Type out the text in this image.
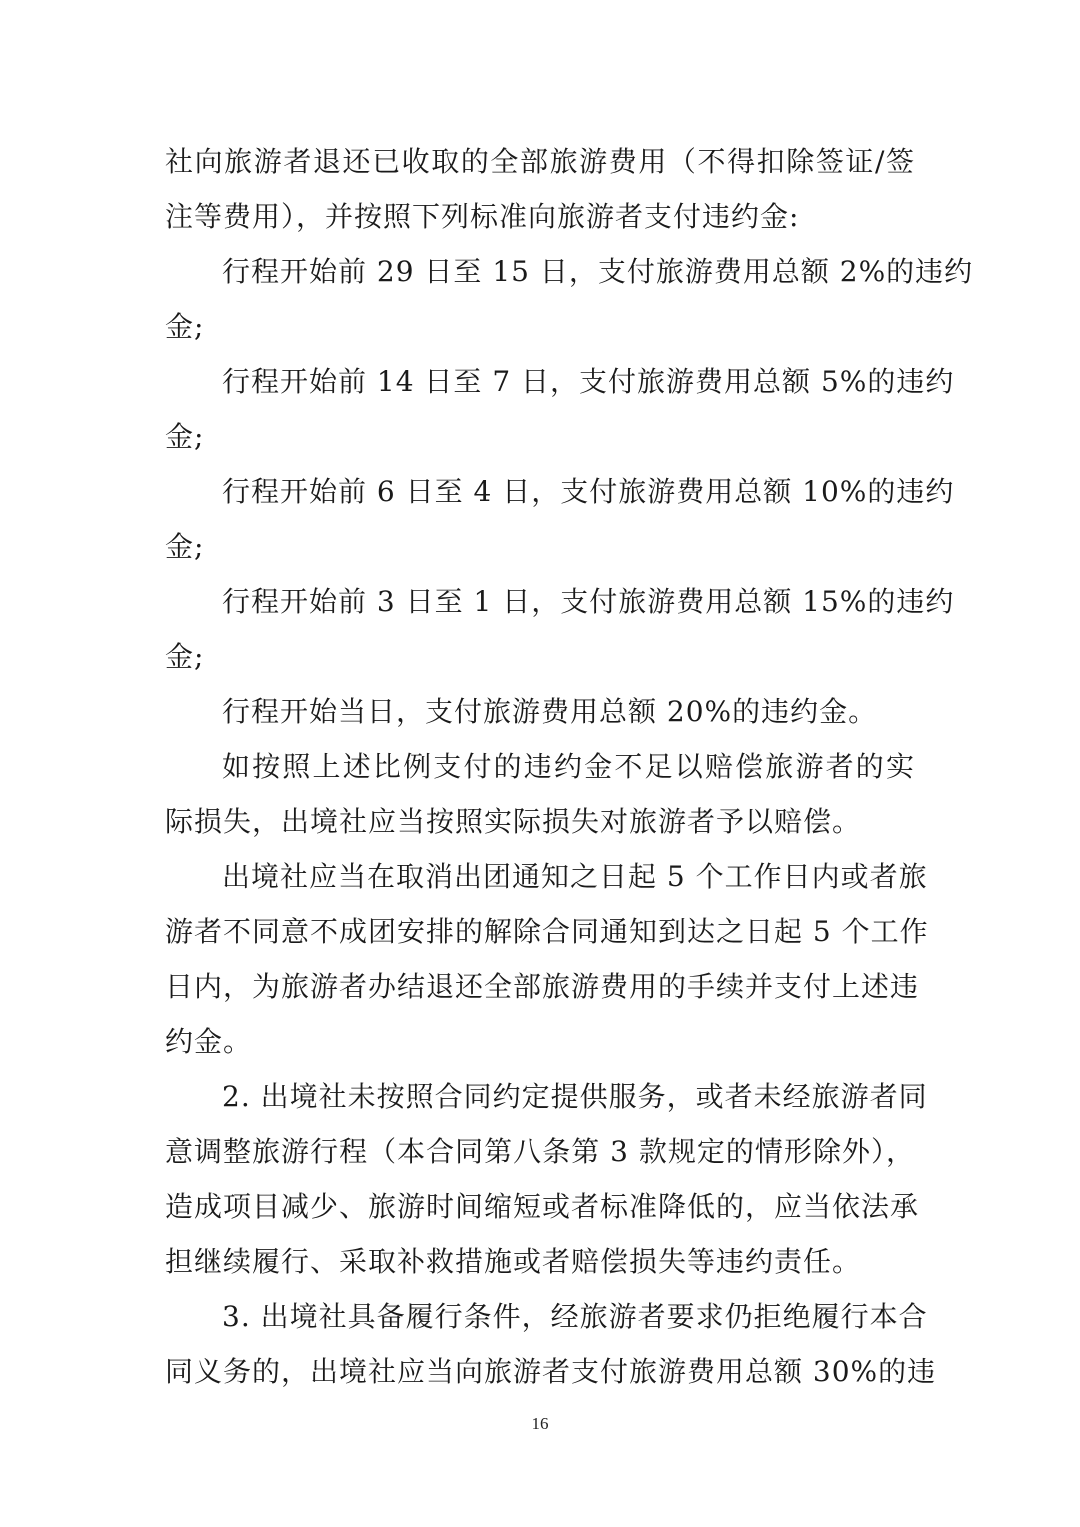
社向旅游者退还已收取的全部旅游费用（不得扣除签证/签
注等费用），并按照下列标准向旅游者支付违约金:
行程开始前 29 日至 15 日，支付旅游费用总额 2%的违约
金;
行程开始前 14 日至 7 日，支付旅游费用总额 5%的违约
金;
行程开始前 6 日至 4 日，支付旅游费用总额 10%的违约
金;
行程开始前 3 日至 1 日，支付旅游费用总额 15%的违约
金;
行程开始当日，支付旅游费用总额 20%的违约金。
如按照上述比例支付的违约金不足以赔偿旅游者的实
际损失，出境社应当按照实际损失对旅游者予以赔偿。
出境社应当在取消出团通知之日起 5 个工作日内或者旅
游者不同意不成团安排的解除合同通知到达之日起 5 个工作
日内，为旅游者办结退还全部旅游费用的手续并支付上述违
约金。
2. 出境社未按照合同约定提供服务，或者未经旅游者同
意调整旅游行程（本合同第八条第 3 款规定的情形除外），
造成项目减少、旅游时间缩短或者标准降低的，应当依法承
担继续履行、采取补救措施或者赔偿损失等违约责任。
3. 出境社具备履行条件，经旅游者要求仍拒绝履行本合
同义务的，出境社应当向旅游者支付旅游费用总额 30%的违
16
